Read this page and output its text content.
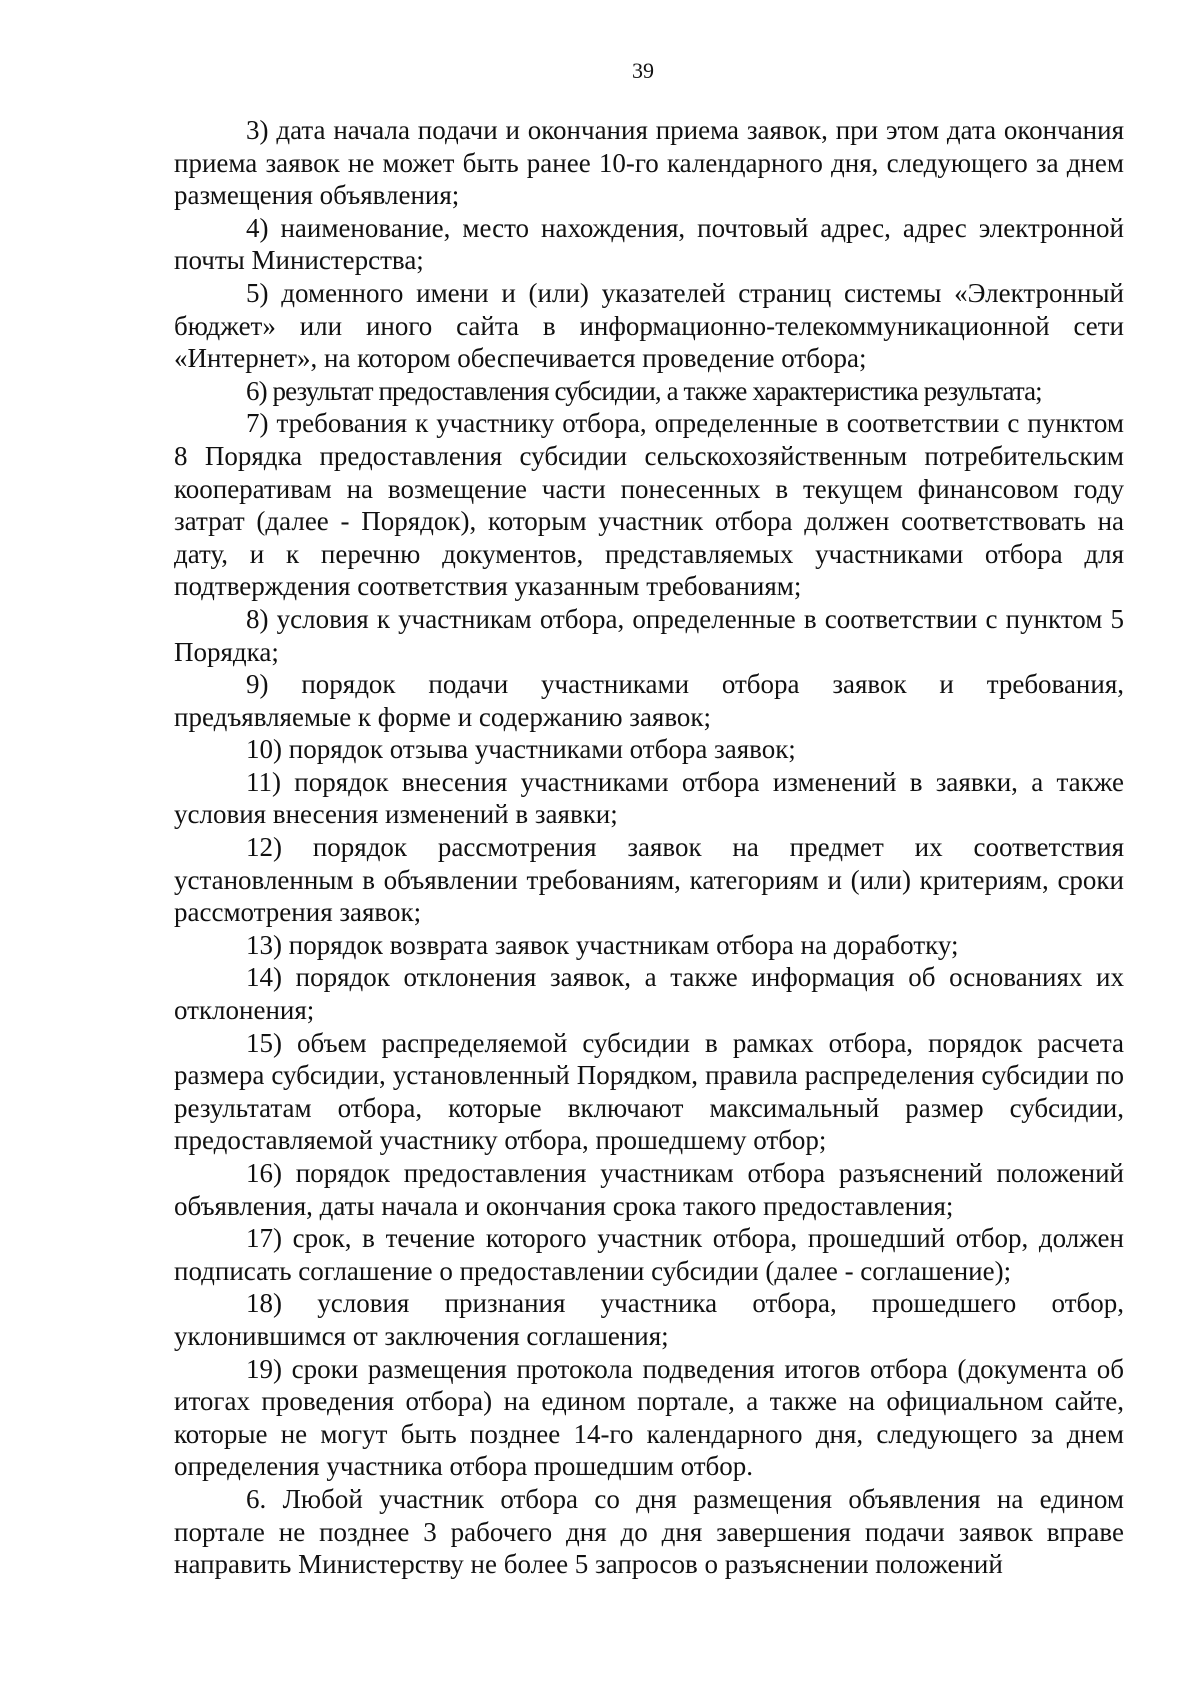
39

3) дата начала подачи и окончания приема заявок, при этом дата окончания приема заявок не может быть ранее 10-го календарного дня, следующего за днем размещения объявления;

4) наименование, место нахождения, почтовый адрес, адрес электронной почты Министерства;

5) доменного имени и (или) указателей страниц системы «Электронный бюджет» или иного сайта в информационно-телекоммуникационной сети «Интернет», на котором обеспечивается проведение отбора;

6) результат предоставления субсидии, а также характеристика результата;

7) требования к участнику отбора, определенные в соответствии с пунктом 8 Порядка предоставления субсидии сельскохозяйственным потребительским кооперативам на возмещение части понесенных в текущем финансовом году затрат (далее - Порядок), которым участник отбора должен соответствовать на дату, и к перечню документов, представляемых участниками отбора для подтверждения соответствия указанным требованиям;

8) условия к участникам отбора, определенные в соответствии с пунктом 5 Порядка;

9) порядок подачи участниками отбора заявок и требования, предъявляемые к форме и содержанию заявок;

10) порядок отзыва участниками отбора заявок;

11) порядок внесения участниками отбора изменений в заявки, а также условия внесения изменений в заявки;

12) порядок рассмотрения заявок на предмет их соответствия установленным в объявлении требованиям, категориям и (или) критериям, сроки рассмотрения заявок;

13) порядок возврата заявок участникам отбора на доработку;

14) порядок отклонения заявок, а также информация об основаниях их отклонения;

15) объем распределяемой субсидии в рамках отбора, порядок расчета размера субсидии, установленный Порядком, правила распределения субсидии по результатам отбора, которые включают максимальный размер субсидии, предоставляемой участнику отбора, прошедшему отбор;

16) порядок предоставления участникам отбора разъяснений положений объявления, даты начала и окончания срока такого предоставления;

17) срок, в течение которого участник отбора, прошедший отбор, должен подписать соглашение о предоставлении субсидии (далее - соглашение);

18) условия признания участника отбора, прошедшего отбор, уклонившимся от заключения соглашения;

19) сроки размещения протокола подведения итогов отбора (документа об итогах проведения отбора) на едином портале, а также на официальном сайте, которые не могут быть позднее 14-го календарного дня, следующего за днем определения участника отбора прошедшим отбор.

6. Любой участник отбора со дня размещения объявления на едином портале не позднее 3 рабочего дня до дня завершения подачи заявок вправе направить Министерству не более 5 запросов о разъяснении положений
